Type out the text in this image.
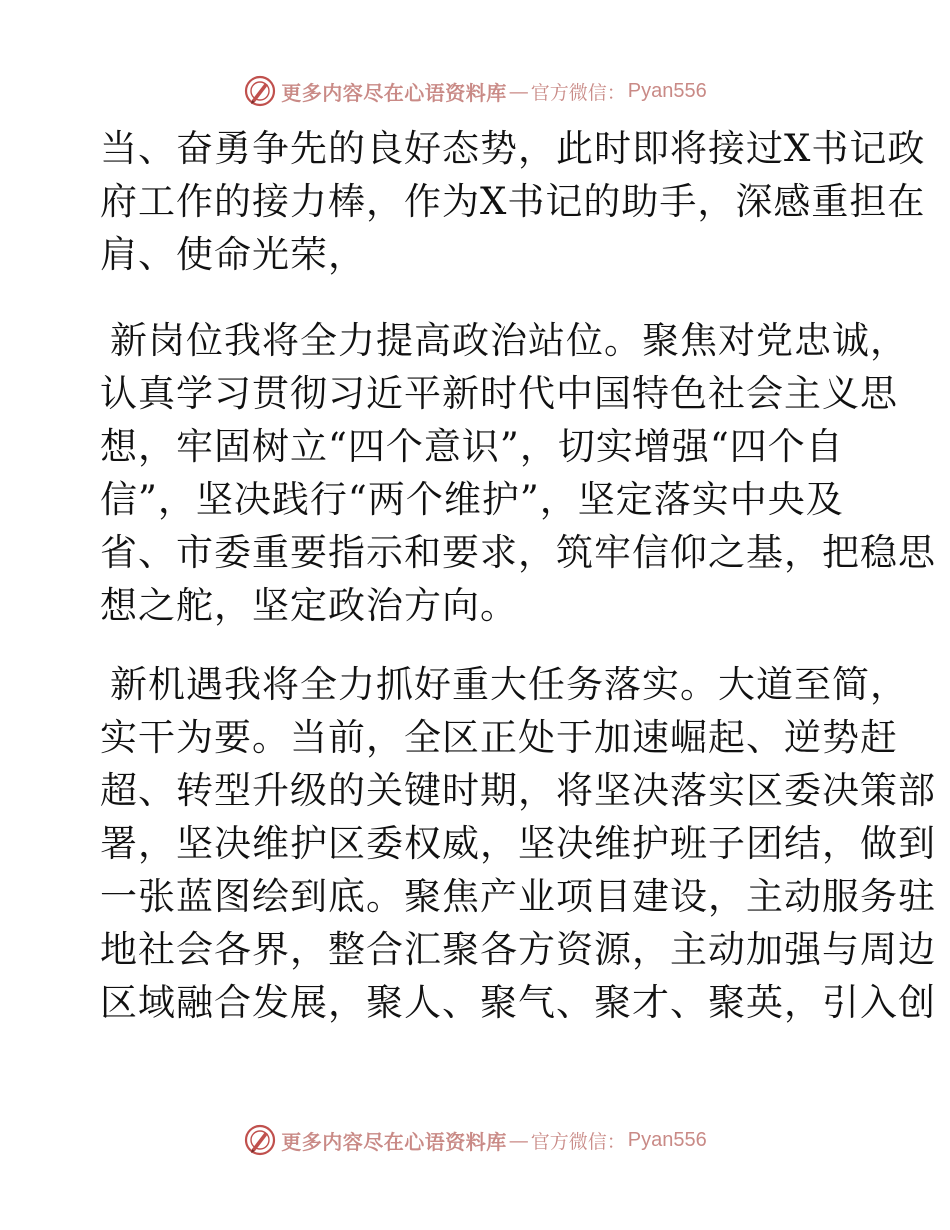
更多内容尽在心语资料库 — 官方微信： Pyan556
当、奋勇争先的良好态势，此时即将接过X书记政
府工作的接力棒，作为X书记的助手，深感重担在
肩、使命光荣，
新岗位我将全力提高政治站位。聚焦对党忠诚，
认真学习贯彻习近平新时代中国特色社会主义思
想，牢固树立“四个意识”，切实增强“四个自
信”，坚决践行“两个维护”，坚定落实中央及
省、市委重要指示和要求，筑牢信仰之基，把稳思
想之舵，坚定政治方向。
新机遇我将全力抓好重大任务落实。大道至简，
实干为要。当前，全区正处于加速崛起、逆势赶
超、转型升级的关键时期，将坚决落实区委决策部
署，坚决维护区委权威，坚决维护班子团结，做到
一张蓝图绘到底。聚焦产业项目建设，主动服务驻
地社会各界，整合汇聚各方资源，主动加强与周边
区域融合发展，聚人、聚气、聚才、聚英，引入创
更多内容尽在心语资料库 — 官方微信： Pyan556
